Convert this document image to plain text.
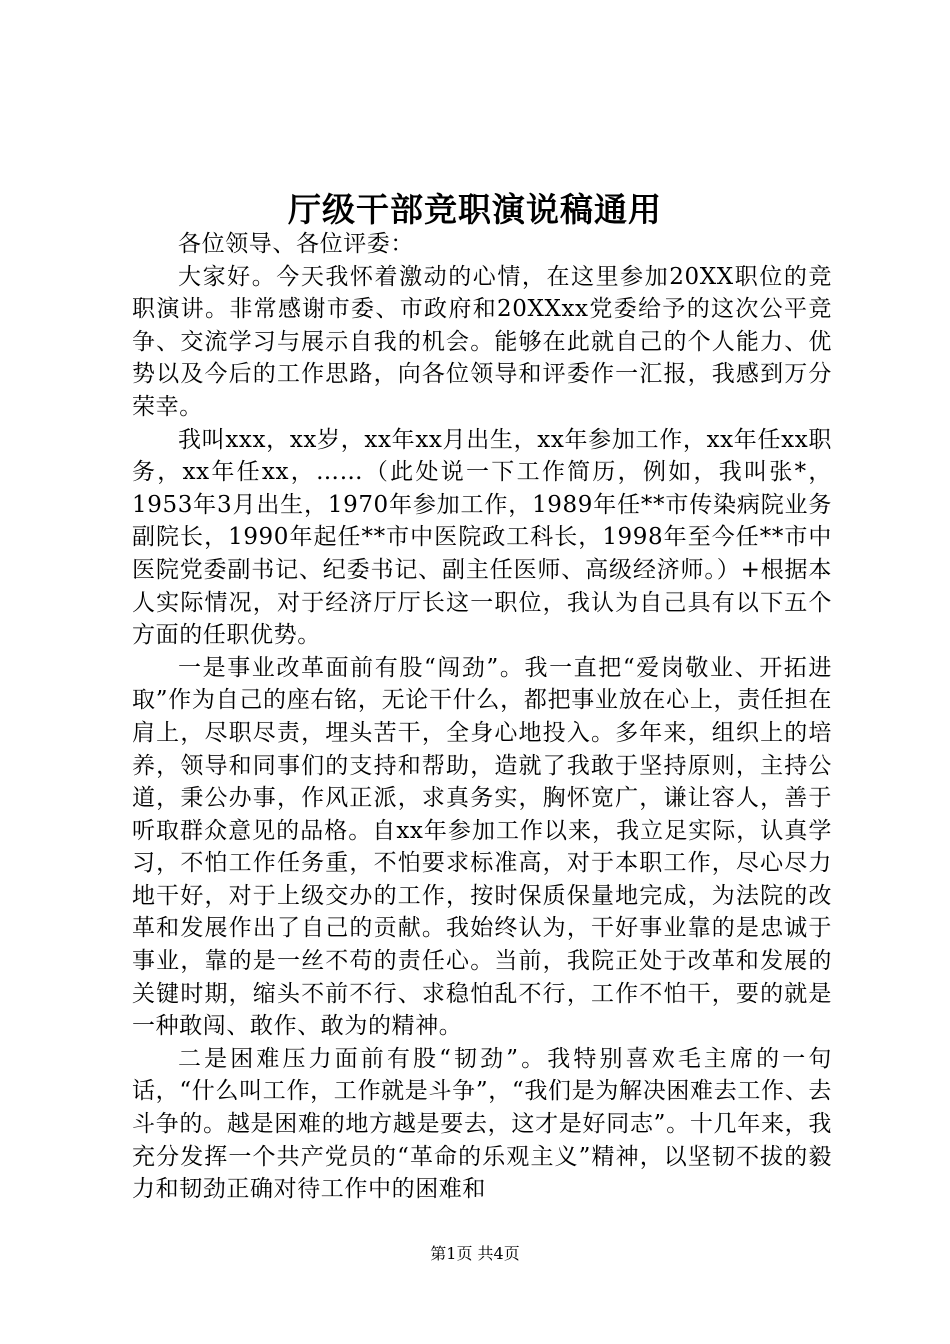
厅级干部竞职演说稿通用

各位领导、各位评委：

大家好。今天我怀着激动的心情，在这里参加20XX职位的竞职演讲。非常感谢市委、市政府和20XXxx党委给予的这次公平竞争、交流学习与展示自我的机会。能够在此就自己的个人能力、优势以及今后的工作思路，向各位领导和评委作一汇报，我感到万分荣幸。

我叫xxx，xx岁，xx年xx月出生，xx年参加工作，xx年任xx职务，xx年任xx，……（此处说一下工作简历，例如，我叫张*，1953年3月出生，1970年参加工作，1989年任**市传染病院业务副院长，1990年起任**市中医院政工科长，1998年至今任**市中医院党委副书记、纪委书记、副主任医师、高级经济师。）+根据本人实际情况，对于经济厅厅长这一职位，我认为自己具有以下五个方面的任职优势。

一是事业改革面前有股“闯劲”。我一直把“爱岗敬业、开拓进取”作为自己的座右铭，无论干什么，都把事业放在心上，责任担在肩上，尽职尽责，埋头苦干，全身心地投入。多年来，组织上的培养，领导和同事们的支持和帮助，造就了我敢于坚持原则，主持公道，秉公办事，作风正派，求真务实，胸怀宽广，谦让容人，善于听取群众意见的品格。自xx年参加工作以来，我立足实际，认真学习，不怕工作任务重，不怕要求标准高，对于本职工作，尽心尽力地干好，对于上级交办的工作，按时保质保量地完成，为法院的改革和发展作出了自己的贡献。我始终认为，干好事业靠的是忠诚于事业，靠的是一丝不苟的责任心。当前，我院正处于改革和发展的关键时期，缩头不前不行、求稳怕乱不行，工作不怕干，要的就是一种敢闯、敢作、敢为的精神。

二是困难压力面前有股“韧劲”。我特别喜欢毛主席的一句话，“什么叫工作，工作就是斗争”，“我们是为解决困难去工作、去斗争的。越是困难的地方越是要去，这才是好同志”。十几年来，我充分发挥一个共产党员的“革命的乐观主义”精神，以坚韧不拔的毅力和韧劲正确对待工作中的困难和

第1页 共4页
